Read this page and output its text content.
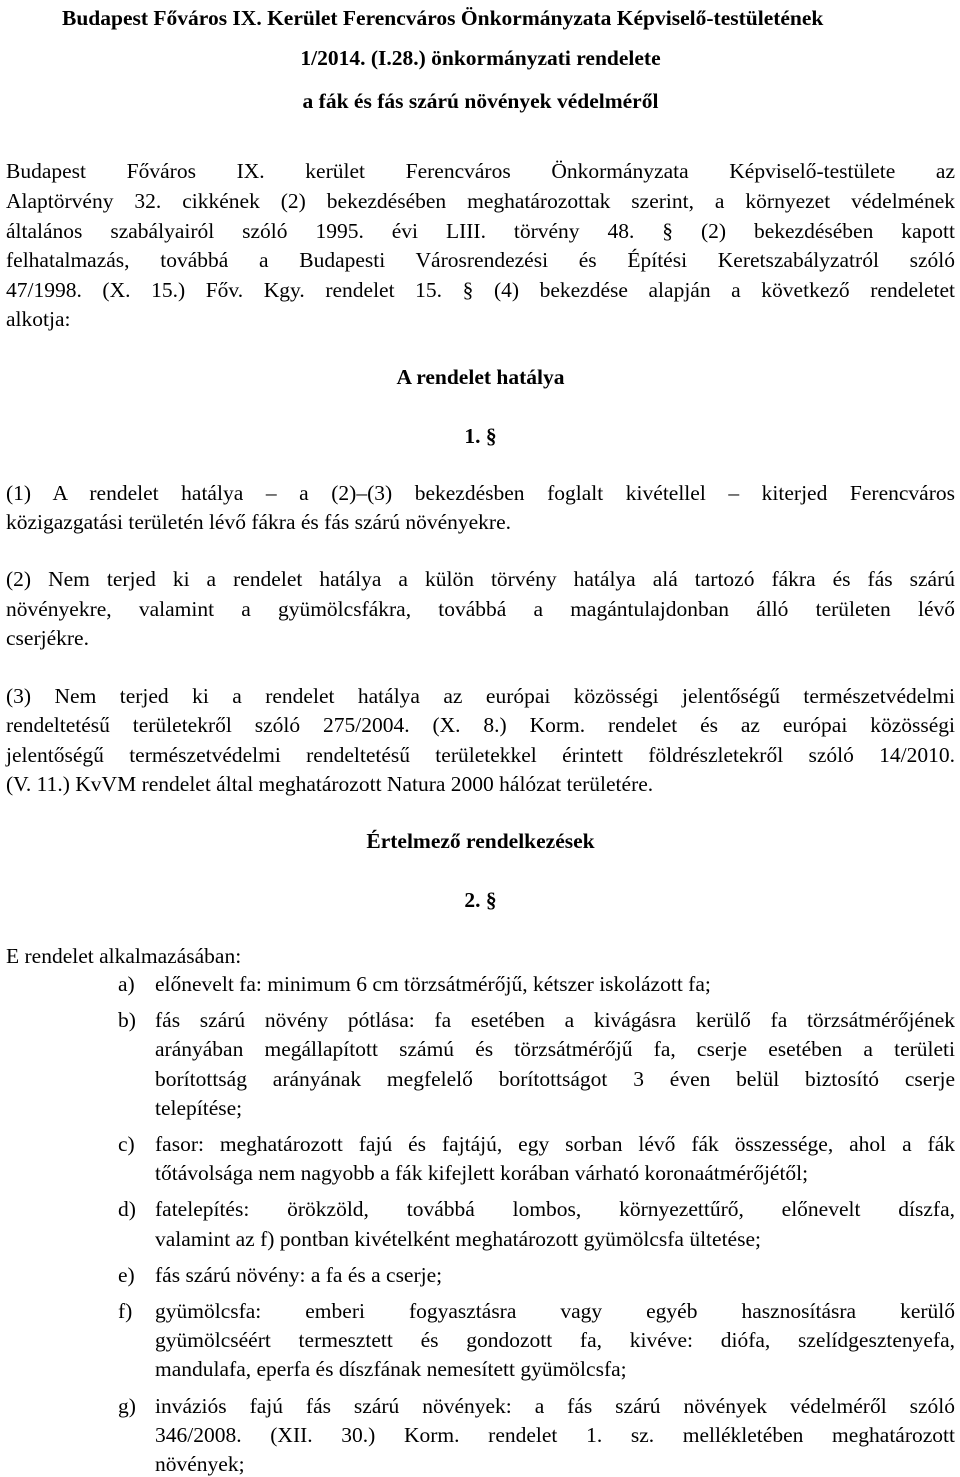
Budapest Főváros IX. Kerület Ferencváros Önkormányzata Képviselő-testületének
1/2014. (I.28.) önkormányzati rendelete
a fák és fás szárú növények védelméről
Budapest Főváros IX. kerület Ferencváros Önkormányzata Képviselő-testülete az
Alaptörvény 32. cikkének (2) bekezdésében meghatározottak szerint, a környezet védelmének
általános szabályairól szóló 1995. évi LIII. törvény 48. § (2) bekezdésében kapott
felhatalmazás, továbbá a Budapesti Városrendezési és Építési Keretszabályzatról szóló
47/1998. (X. 15.) Főv. Kgy. rendelet 15. § (4) bekezdése alapján a következő rendeletet
alkotja:
A rendelet hatálya
1. §
(1) A rendelet hatálya – a (2)–(3) bekezdésben foglalt kivétellel – kiterjed Ferencváros
közigazgatási területén lévő fákra és fás szárú növényekre.
(2) Nem terjed ki a rendelet hatálya a külön törvény hatálya alá tartozó fákra és fás szárú
növényekre, valamint a gyümölcsfákra, továbbá a magántulajdonban álló területen lévő
cserjékre.
(3) Nem terjed ki a rendelet hatálya az európai közösségi jelentőségű természetvédelmi
rendeltetésű területekről szóló 275/2004. (X. 8.) Korm. rendelet és az európai közösségi
jelentőségű természetvédelmi rendeltetésű területekkel érintett földrészletekről szóló 14/2010.
(V. 11.) KvVM rendelet által meghatározott Natura 2000 hálózat területére.
Értelmező rendelkezések
2. §
E rendelet alkalmazásában:
a) előnevelt fa: minimum 6 cm törzsátmérőjű, kétszer iskolázott fa;
b) fás szárú növény pótlása: fa esetében a kivágásra kerülő fa törzsátmérőjének
arányában megállapított számú és törzsátmérőjű fa, cserje esetében a területi
borítottság arányának megfelelő borítottságot 3 éven belül biztosító cserje
telepítése;
c) fasor: meghatározott fajú és fajtájú, egy sorban lévő fák összessége, ahol a fák
tőtávolsága nem nagyobb a fák kifejlett korában várható koronaátmérőjétől;
d) fatelepítés: örökzöld, továbbá lombos, környezettűrő, előnevelt díszfa,
valamint az f) pontban kivételként meghatározott gyümölcsfa ültetése;
e) fás szárú növény: a fa és a cserje;
f) gyümölcsfa: emberi fogyasztásra vagy egyéb hasznosításra kerülő
gyümölcséért termesztett és gondozott fa, kivéve: diófa, szelídgesztenyefa,
mandulafa, eperfa és díszfának nemesített gyümölcsfa;
g) inváziós fajú fás szárú növények: a fás szárú növények védelméről szóló
346/2008. (XII. 30.) Korm. rendelet 1. sz. mellékletében meghatározott
növények;
